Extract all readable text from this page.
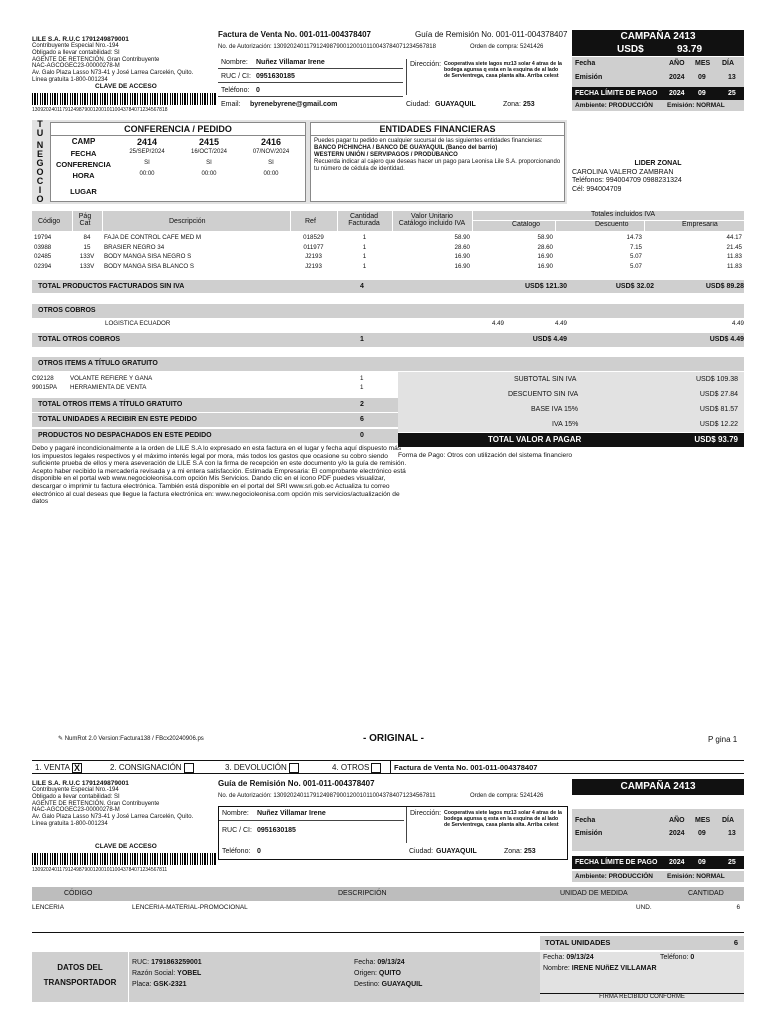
LILE S.A. R.U.C 1791249879001
Contribuyente Especial Nro.-194
Obligado a llevar contabilidad: SI
AGENTE DE RETENCIÓN. Gran Contribuyente
NAC-AGCOGEC23-00000278-M
Av. Galo Plaza Lasso N73-41 y José Larrea Carcelén, Quito.
Línea gratuita 1-800-001234
CLAVE DE ACCESO
1309202401179124987900120010110043784071234567818
Factura de Venta No. 001-011-004378407	Guía de Remisión No. 001-011-004378407
No. de Autorización: 1309202401179124987900120010110043784071234567818	Orden de compra: 5241426
Nombre: Nuñez Villamar Irene
RUC / CI: 0951630185
Teléfono: 0
Email: byrenebyrene@gmail.com
Dirección: Cooperativa siete lagos mz13 solar 4 atras de la bodega agunsa q esta en la esquina de al lado de Servientrega, casa planta alta. Arriba celest
Ciudad: GUAYAQUIL	Zona: 253
CAMPAÑA 2413
USD$	93.79
Fecha	AÑO MES DÍA
Emisión	2024 09	13
FECHA LÍMITE DE PAGO 2024 09	25
Ambiente: PRODUCCIÓN Emisión: NORMAL
T
U
N
E
G
O
C
I
O
CONFERENCIA / PEDIDO
CAMP	2414	2415	2416
FECHA	25/SEP/2024	16/OCT/2024	07/NOV/2024
CONFERENCIA	SI	SI	SI
HORA	00:00	00:00	00:00
LUGAR
ENTIDADES FINANCIERAS
Puedes pagar tu pedido en cualquier sucursal de las siguientes entidades financieras:
BANCO PICHINCHA / BANCO DE GUAYAQUIL (Banco del barrio)
WESTERN UNIÓN / SERVIPAGOS / PRODUBANCO
Recuerda indicar al cajero que deseas hacer un pago para Leonisa Lile S.A. proporcionando tu número de cédula de identidad.
LIDER ZONAL
CAROLINA VALERO ZAMBRAN
Teléfonos: 994004709 0988231324
Cél: 994004709
Código
Pág Cat	Descripción	Ref
Cantidad Facturada
Valor Unitario Catálogo incluido IVA
Totales incluidos IVA
Catálogo	Descuento	Empresaria
19794	84	FAJA DE CONTROL CAFE MED M	018529	1	58.90	58.90	14.73	44.17
03988	15	BRASIER NEGRO 34	011977	1	28.60	28.60	7.15	21.45
02485	133V	BODY MANGA SISA NEGRO S	J2193	1	16.90	16.90	5.07	11.83
02394	133V	BODY MANGA SISA BLANCO S	J2193	1	16.90	16.90	5.07	11.83
TOTAL PRODUCTOS FACTURADOS SIN IVA	4	USD$ 121.30	USD$ 32.02	USD$ 89.28
OTROS COBROS
LOGISTICA ECUADOR	4.49	4.49	4.49
TOTAL OTROS COBROS	1	USD$ 4.49	USD$ 4.49
OTROS ITEMS A TÍTULO GRATUITO
C92128	VOLANTE REFIERE Y GANA	1
99015PA HERRAMIENTA DE VENTA	1
TOTAL OTROS ITEMS A TÍTULO GRATUITO	2
TOTAL UNIDADES A RECIBIR EN ESTE PEDIDO	6
PRODUCTOS NO DESPACHADOS EN ESTE PEDIDO	0
SUBTOTAL SIN IVA	USD$ 109.38
DESCUENTO SIN IVA	USD$ 27.84
BASE IVA 15%	USD$ 81.57
IVA 15%	USD$ 12.22
TOTAL VALOR A PAGAR	USD$ 93.79
Debo y pagaré incondicionalmente a la orden de LILE S.A lo expresado en esta factura en el lugar y fecha aquí dispuesto más los impuestos legales respectivos y el máximo interés legal por mora, más todos los gastos que ocasione su cobro siendo suficiente prueba de ellos y mera aseveración de LILE S.A con la firma de recepción en este documento y/o la guía de remisión. Acepto haber recibido la mercadería revisada y a mi entera satisfacción. Estimada Empresaria: El comprobante electrónico está disponible en el portal web www.negocioleonisa.com opción Mis Servicios. Dando clic en el icono PDF puedes visualizar, descargar o imprimir tu factura electrónica. También está disponible en el portal del SRI www.sri.gob.ec Actualiza tu correo electrónico al cual deseas que llegue la factura electrónica en: www.negocioleonisa.com opción mis servicios/actualización de datos
Forma de Pago: Otros con utilización del sistema financiero
✎ NumRot 2.0 Version:Factura138 / FBcx20240906.ps	- ORIGINAL -	P gina 1
1. VENTA X	2. CONSIGNACIÓN	3. DEVOLUCIÓN	4. OTROS	Factura de Venta No. 001-011-004378407
LILE S.A. R.U.C 1791249879001
Contribuyente Especial Nro.-194
Obligado a llevar contabilidad: SI
AGENTE DE RETENCIÓN. Gran Contribuyente
NAC-AGCOGEC23-00000278-M
Av. Galo Plaza Lasso N73-41 y José Larrea Carcelén, Quito.
Línea gratuita 1-800-001234
CLAVE DE ACCESO
1309202401179124987900120010110043784071234567811
Guía de Remisión No. 001-011-004378407
No. de Autorización: 1309202401179124987900120010110043784071234567811	Orden de compra: 5241426
Nombre: Nuñez Villamar Irene
RUC / CI: 0951630185
Teléfono: 0
Dirección: Cooperativa siete lagos mz13 solar 4 atras de la bodega agunsa q esta en la esquina de al lado de Servientrega, casa planta alta. Arriba celest
Ciudad: GUAYAQUIL	Zona: 253
CAMPAÑA 2413
Fecha	AÑO MES DÍA
Emisión	2024 09	13
FECHA LÍMITE DE PAGO 2024 09	25
Ambiente: PRODUCCIÓN Emisión: NORMAL
CÓDIGO	DESCRIPCIÓN	UNIDAD DE MEDIDA	CANTIDAD
LENCERIA	LENCERIA-MATERIAL-PROMOCIONAL	UND.	6
TOTAL UNIDADES	6
DATOS DEL
TRANSPORTADOR
RUC: 1791863259001
Razón Social: YOBEL
Placa: GSK-2321
Fecha: 09/13/24
Origen: QUITO
Destino: GUAYAQUIL
Fecha: 09/13/24	Teléfono: 0
Nombre: IRENE NUñEZ VILLAMAR
FIRMA RECIBIDO CONFORME
